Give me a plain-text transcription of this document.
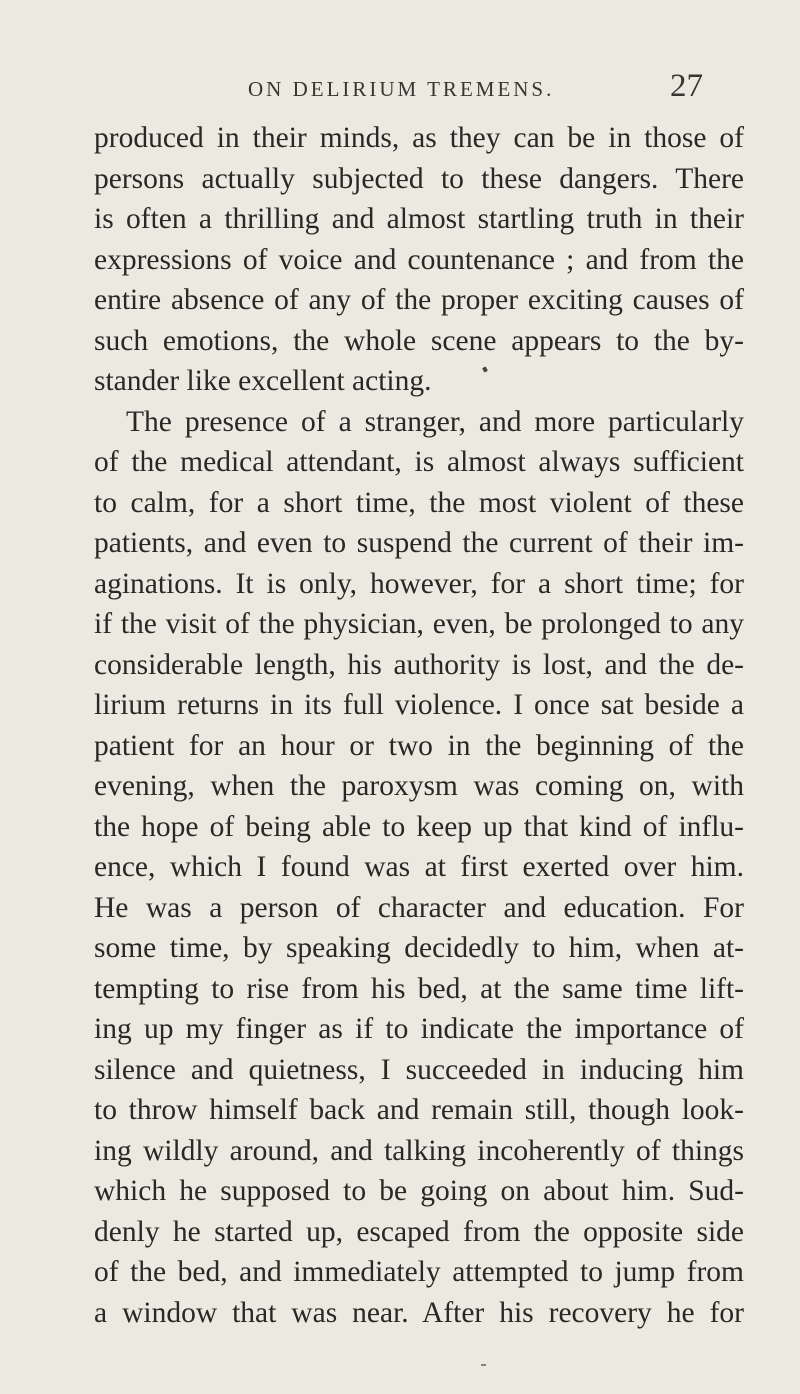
ON DELIRIUM TREMENS.	27
produced in their minds, as they can be in those of
persons actually subjected to these dangers. There
is often a thrilling and almost startling truth in their
expressions of voice and countenance ; and from the
entire absence of any of the proper exciting causes of
such emotions, the whole scene appears to the by-
stander like excellent acting.
The presence of a stranger, and more particularly
of the medical attendant, is almost always sufficient
to calm, for a short time, the most violent of these
patients, and even to suspend the current of their im-
aginations. It is only, however, for a short time; for
if the visit of the physician, even, be prolonged to any
considerable length, his authority is lost, and the de-
lirium returns in its full violence. I once sat beside a
patient for an hour or two in the beginning of the
evening, when the paroxysm was coming on, with
the hope of being able to keep up that kind of influ-
ence, which I found was at first exerted over him.
He was a person of character and education. For
some time, by speaking decidedly to him, when at-
tempting to rise from his bed, at the same time lift-
ing up my finger as if to indicate the importance of
silence and quietness, I succeeded in inducing him
to throw himself back and remain still, though look-
ing wildly around, and talking incoherently of things
which he supposed to be going on about him. Sud-
denly he started up, escaped from the opposite side
of the bed, and immediately attempted to jump from
a window that was near. After his recovery he for
